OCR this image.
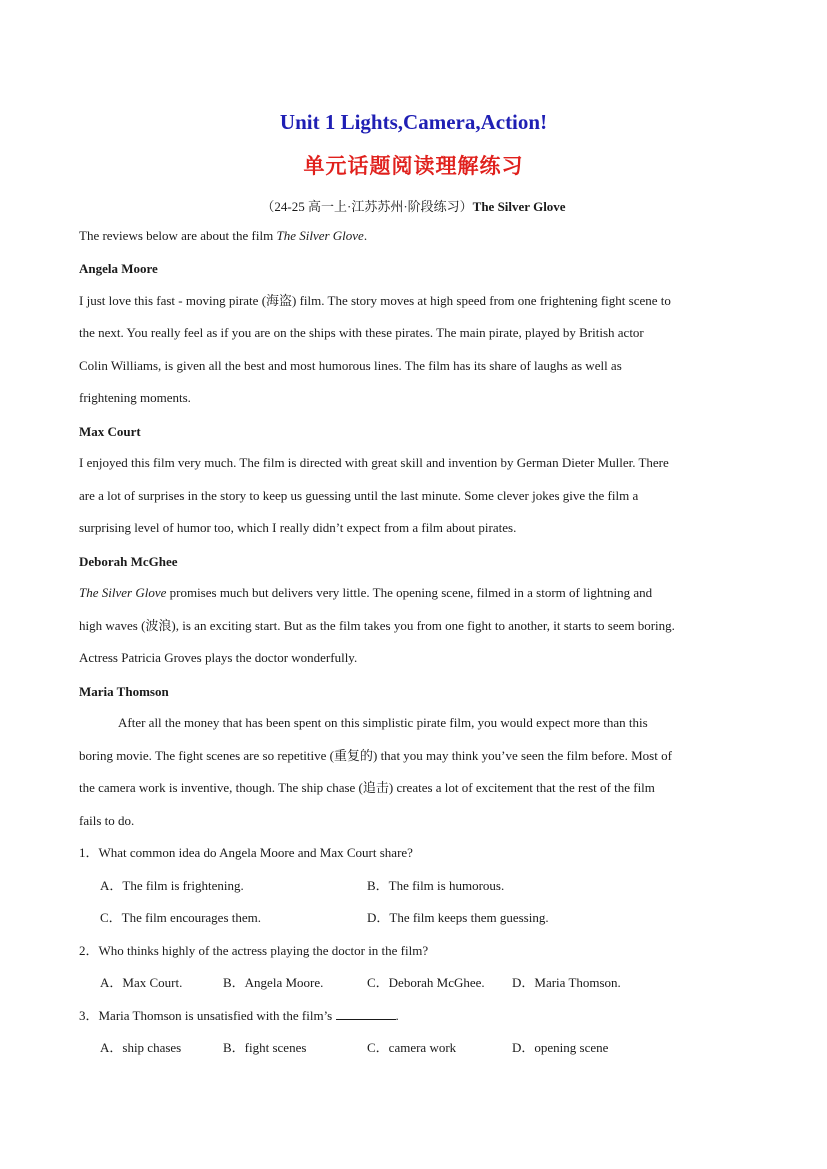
Unit 1 Lights,Camera,Action!
单元话题阅读理解练习
（24-25 高一上·江苏苏州·阶段练习）The Silver Glove
The reviews below are about the film The Silver Glove.
Angela Moore
I just love this fast - moving pirate (海盗) film. The story moves at high speed from one frightening fight scene to
the next. You really feel as if you are on the ships with these pirates. The main pirate, played by British actor
Colin Williams, is given all the best and most humorous lines. The film has its share of laughs as well as
frightening moments.
Max Court
I enjoyed this film very much. The film is directed with great skill and invention by German Dieter Muller. There
are a lot of surprises in the story to keep us guessing until the last minute. Some clever jokes give the film a
surprising level of humor too, which I really didn’t expect from a film about pirates.
Deborah McGhee
The Silver Glove promises much but delivers very little. The opening scene, filmed in a storm of lightning and
high waves (波浪), is an exciting start. But as the film takes you from one fight to another, it starts to seem boring.
Actress Patricia Groves plays the doctor wonderfully.
Maria Thomson
After all the money that has been spent on this simplistic pirate film, you would expect more than this
boring movie. The fight scenes are so repetitive (重复的) that you may think you’ve seen the film before. Most of
the camera work is inventive, though. The ship chase (追击) creates a lot of excitement that the rest of the film
fails to do.
1．What common idea do Angela Moore and Max Court share?
A．The film is frightening.	B．The film is humorous.
C．The film encourages them.	D．The film keeps them guessing.
2．Who thinks highly of the actress playing the doctor in the film?
A．Max Court.	B．Angela Moore.	C．Deborah McGhee. D．Maria Thomson.
3．Maria Thomson is unsatisfied with the film’s	.
A．ship chases	B．fight scenes	C．camera work	D．opening scene
